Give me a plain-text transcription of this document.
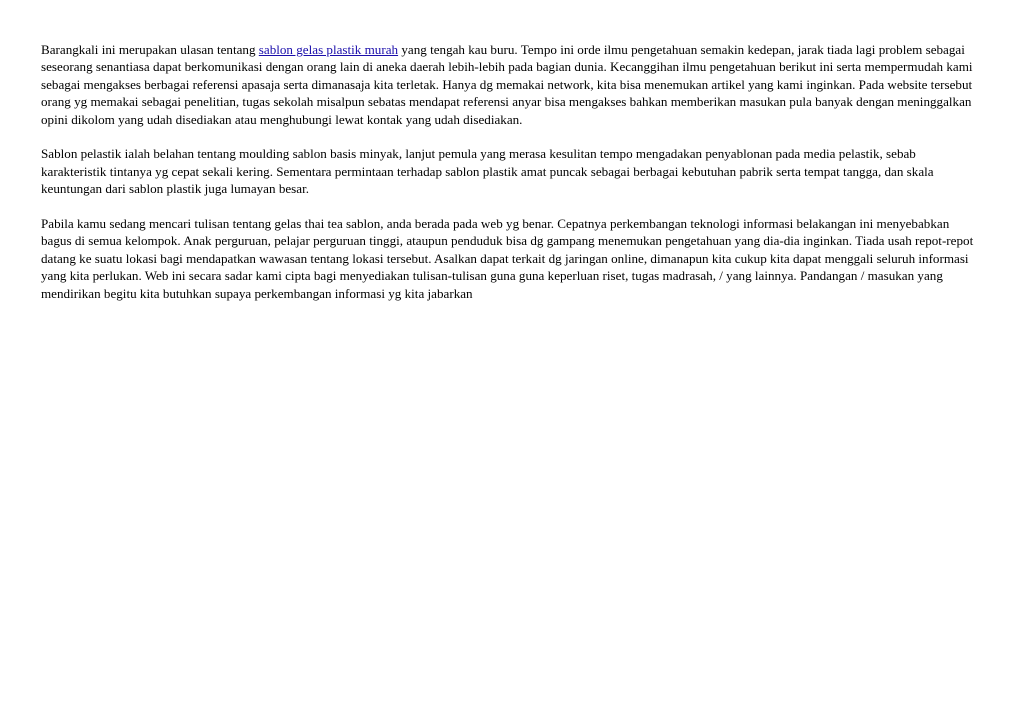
Barangkali ini merupakan ulasan tentang sablon gelas plastik murah yang tengah kau buru. Tempo ini orde ilmu pengetahuan semakin kedepan, jarak tiada lagi problem sebagai seseorang senantiasa dapat berkomunikasi dengan orang lain di aneka daerah lebih-lebih pada bagian dunia. Kecanggihan ilmu pengetahuan berikut ini serta mempermudah kami sebagai mengakses berbagai referensi apasaja serta dimanasaja kita terletak. Hanya dg memakai network, kita bisa menemukan artikel yang kami inginkan. Pada website tersebut orang yg memakai sebagai penelitian, tugas sekolah misalpun sebatas mendapat referensi anyar bisa mengakses bahkan memberikan masukan pula banyak dengan meninggalkan opini dikolom yang udah disediakan atau menghubungi lewat kontak yang udah disediakan.

Sablon pelastik ialah belahan tentang moulding sablon basis minyak, lanjut pemula yang merasa kesulitan tempo mengadakan penyablonan pada media pelastik, sebab karakteristik tintanya yg cepat sekali kering. Sementara permintaan terhadap sablon plastik amat puncak sebagai berbagai kebutuhan pabrik serta tempat tangga, dan skala keuntungan dari sablon plastik juga lumayan besar.

Pabila kamu sedang mencari tulisan tentang gelas thai tea sablon, anda berada pada web yg benar. Cepatnya perkembangan teknologi informasi belakangan ini menyebabkan bagus di semua kelompok. Anak perguruan, pelajar perguruan tinggi, ataupun penduduk bisa dg gampang menemukan pengetahuan yang dia-dia inginkan. Tiada usah repot-repot datang ke suatu lokasi bagi mendapatkan wawasan tentang lokasi tersebut. Asalkan dapat terkait dg jaringan online, dimanapun kita cukup kita dapat menggali seluruh informasi yang kita perlukan. Web ini secara sadar kami cipta bagi menyediakan tulisan-tulisan guna guna keperluan riset, tugas madrasah, / yang lainnya. Pandangan / masukan yang mendirikan begitu kita butuhkan supaya perkembangan informasi yg kita jabarkan
